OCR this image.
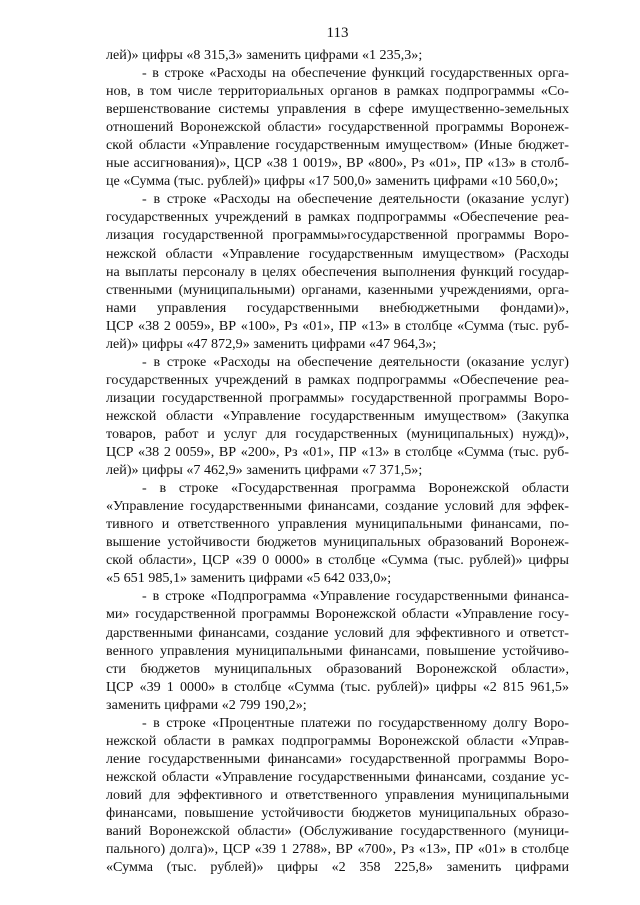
113
лей)» цифры «8 315,3» заменить цифрами «1 235,3»;
- в строке «Расходы на обеспечение функций государственных орга-
нов, в том числе территориальных органов в рамках подпрограммы «Со-
вершенствование системы управления в сфере имущественно-земельных
отношений Воронежской области» государственной программы Воронеж-
ской области «Управление государственным имуществом» (Иные бюджет-
ные ассигнования)», ЦСР «38 1 0019», ВР «800», Рз «01», ПР «13» в столб-
це «Сумма (тыс. рублей)» цифры «17 500,0» заменить цифрами «10 560,0»;
- в строке «Расходы на обеспечение деятельности (оказание услуг)
государственных учреждений в рамках подпрограммы «Обеспечение реа-
лизация государственной программы»государственной программы Воро-
нежской области «Управление государственным имуществом» (Расходы
на выплаты персоналу в целях обеспечения выполнения функций государ-
ственными (муниципальными) органами, казенными учреждениями, орга-
нами управления государственными внебюджетными фондами)»,
ЦСР «38 2 0059», ВР «100», Рз «01», ПР «13» в столбце «Сумма (тыс. руб-
лей)» цифры «47 872,9» заменить цифрами «47 964,3»;
- в строке «Расходы на обеспечение деятельности (оказание услуг)
государственных учреждений в рамках подпрограммы «Обеспечение реа-
лизации государственной программы» государственной программы Воро-
нежской области «Управление государственным имуществом» (Закупка
товаров, работ и услуг для государственных (муниципальных) нужд)»,
ЦСР «38 2 0059», ВР «200», Рз «01», ПР «13» в столбце «Сумма (тыс. руб-
лей)» цифры «7 462,9» заменить цифрами «7 371,5»;
- в строке «Государственная программа Воронежской области
«Управление государственными финансами, создание условий для эффек-
тивного и ответственного управления муниципальными финансами, по-
вышение устойчивости бюджетов муниципальных образований Воронеж-
ской области», ЦСР «39 0 0000» в столбце «Сумма (тыс. рублей)» цифры
«5 651 985,1» заменить цифрами «5 642 033,0»;
- в строке «Подпрограмма «Управление государственными финанса-
ми» государственной программы Воронежской области «Управление госу-
дарственными финансами, создание условий для эффективного и ответст-
венного управления муниципальными финансами, повышение устойчиво-
сти бюджетов муниципальных образований Воронежской области»,
ЦСР «39 1 0000» в столбце «Сумма (тыс. рублей)» цифры «2 815 961,5»
заменить цифрами «2 799 190,2»;
- в строке «Процентные платежи по государственному долгу Воро-
нежской области в рамках подпрограммы Воронежской области «Управ-
ление государственными финансами» государственной программы Воро-
нежской области «Управление государственными финансами, создание ус-
ловий для эффективного и ответственного управления муниципальными
финансами, повышение устойчивости бюджетов муниципальных образо-
ваний Воронежской области» (Обслуживание государственного (муници-
пального) долга)», ЦСР «39 1 2788», ВР «700», Рз «13», ПР «01» в столбце
«Сумма (тыс. рублей)» цифры «2 358 225,8» заменить цифрами
